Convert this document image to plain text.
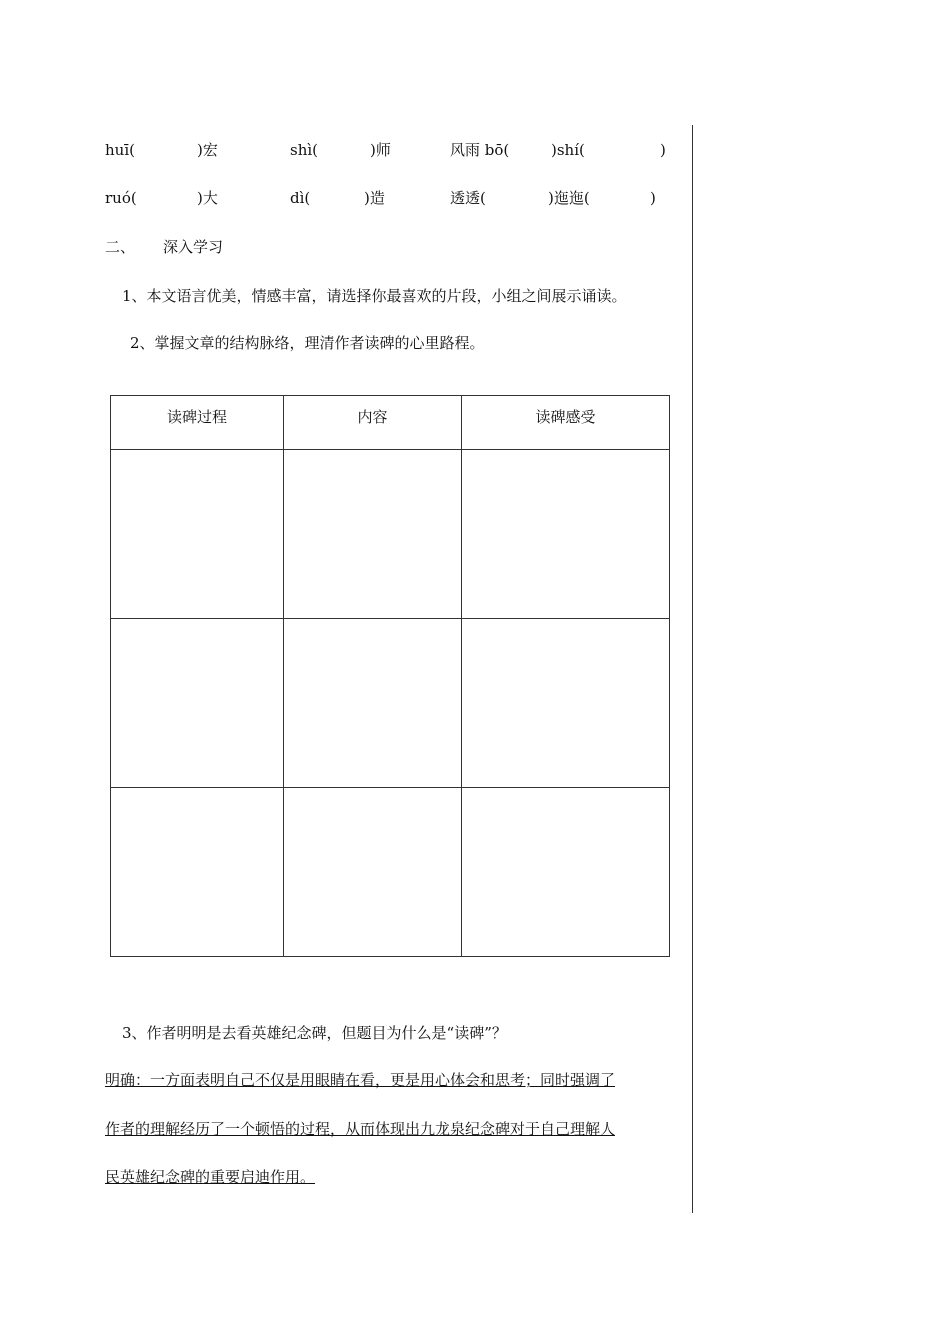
huī(	)宏	shì(	)师	风雨 bō(	)shí(	)
ruó(	)大	dì(	)造	透透(	)迤迤(	)
二、 深入学习
1、本文语言优美，情感丰富，请选择你最喜欢的片段，小组之间展示诵读。
2、掌握文章的结构脉络，理清作者读碑的心里路程。
读碑过程	内容	读碑感受

3、作者明明是去看英雄纪念碑，但题目为什么是“读碑”？
明确：一方面表明自己不仅是用眼睛在看，更是用心体会和思考；同时强调了
作者的理解经历了一个顿悟的过程，从而体现出九龙泉纪念碑对于自己理解人
民英雄纪念碑的重要启迪作用。
